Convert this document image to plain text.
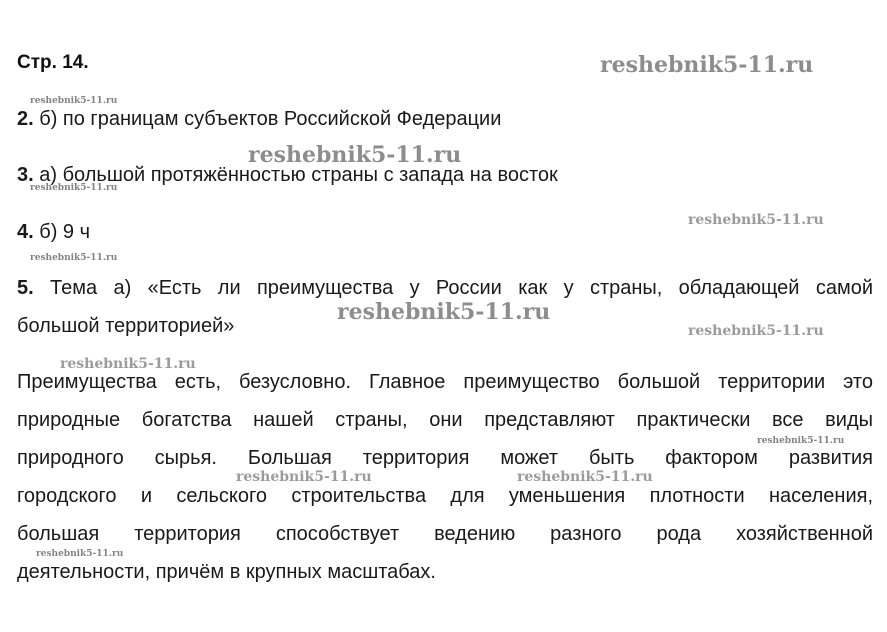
Стр. 14.	reshebnik5-11.ru
reshebnik5-11.ru
reshebnik5-11.ru
reshebnik5-11.ru
reshebnik5-11.ru
reshebnik5-11.ru
reshebnik5-11.ru
reshebnik5-11.ru
reshebnik5-11.ru
reshebnik5-11.ru
reshebnik5-11.ru	reshebnik5-11.ru
reshebnik5-11.ru
2. б) по границам субъектов Российской Федерации
3. а) большой протяжённостью страны с запада на восток
4. б) 9 ч
5. Тема а) «Есть ли преимущества у России как у страны, обладающей самой
большой территорией»
Преимущества есть, безусловно. Главное преимущество большой территории это
природные богатства нашей страны, они представляют практически все виды
природного сырья. Большая территория может быть фактором развития
городского и сельского строительства для уменьшения плотности населения,
большая территория способствует ведению разного рода хозяйственной
деятельности, причём в крупных масштабах.
